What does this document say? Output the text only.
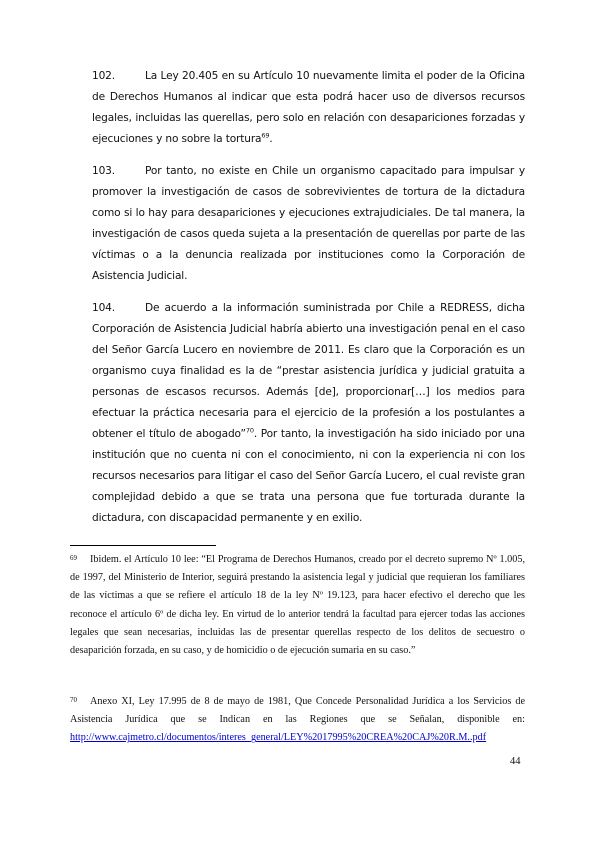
102.	La Ley 20.405 en su Artículo 10 nuevamente limita el poder de la Oficina de Derechos Humanos al indicar que esta podrá hacer uso de diversos recursos legales, incluidas las querellas, pero solo en relación con desapariciones forzadas y ejecuciones y no sobre la tortura$^{69}$.

103.	Por tanto, no existe en Chile un organismo capacitado para impulsar y promover la investigación de casos de sobrevivientes de tortura de la dictadura como si lo hay para desapariciones y ejecuciones extrajudiciales. De tal manera, la investigación de casos queda sujeta a la presentación de querellas por parte de las víctimas o a la denuncia realizada por instituciones como la Corporación de Asistencia Judicial.

104.	De acuerdo a la información suministrada por Chile a REDRESS, dicha Corporación de Asistencia Judicial habría abierto una investigación penal en el caso del Señor García Lucero en noviembre de 2011. Es claro que la Corporación es un organismo cuya finalidad es la de “prestar asistencia jurídica y judicial gratuita a personas de escasos recursos. Además [de], proporcionar[…] los medios para efectuar la práctica necesaria para el ejercicio de la profesión a los postulantes a obtener el título de abogado”$^{70}$. Por tanto, la investigación ha sido iniciado por una institución que no cuenta ni con el conocimiento, ni con la experiencia ni con los recursos necesarios para litigar el caso del Señor García Lucero, el cual reviste gran complejidad debido a que se trata una persona que fue torturada durante la dictadura, con discapacidad permanente y en exilio.

69 Ibidem. el Artículo 10 lee: “El Programa de Derechos Humanos, creado por el decreto supremo Nº 1.005, de 1997, del Ministerio de Interior, seguirá prestando la asistencia legal y judicial que requieran los familiares de las víctimas a que se refiere el artículo 18 de la ley Nº 19.123, para hacer efectivo el derecho que les reconoce el artículo 6º de dicha ley. En virtud de lo anterior tendrá la facultad para ejercer todas las acciones legales que sean necesarias, incluidas las de presentar querellas respecto de los delitos de secuestro o desaparición forzada, en su caso, y de homicidio o de ejecución sumaria en su caso.”

70 Anexo XI, Ley 17.995 de 8 de mayo de 1981, Que Concede Personalidad Jurídica a los Servicios de Asistencia Jurídica que se Indican en las Regiones que se Señalan, disponible en: http://www.cajmetro.cl/documentos/interes_general/LEY%2017995%20CREA%20CAJ%20R.M..pdf

44
